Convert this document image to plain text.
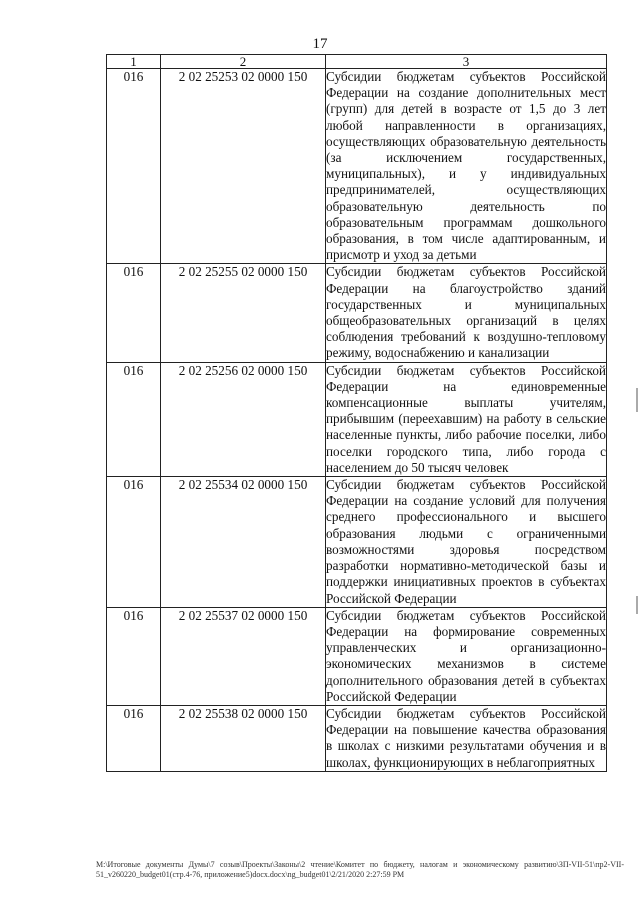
17
1	2	3
016	2 02 25253 02 0000 150	Субсидии бюджетам субъектов Российской Федерации на создание дополнительных мест (групп) для детей в возрасте от 1,5 до 3 лет любой направленности в организациях, осуществляющих образовательную деятельность (за исключением государственных, муниципальных), и у индивидуальных предпринимателей, осуществляющих образовательную деятельность по образовательным программам дошкольного образования, в том числе адаптированным, и присмотр и уход за детьми
016	2 02 25255 02 0000 150	Субсидии бюджетам субъектов Российской Федерации на благоустройство зданий государственных и муниципальных общеобразовательных организаций в целях соблюдения требований к воздушно-тепловому режиму, водоснабжению и канализации
016	2 02 25256 02 0000 150	Субсидии бюджетам субъектов Российской Федерации на единовременные компенсационные выплаты учителям, прибывшим (переехавшим) на работу в сельские населенные пункты, либо рабочие поселки, либо поселки городского типа, либо города с населением до 50 тысяч человек
016	2 02 25534 02 0000 150	Субсидии бюджетам субъектов Российской Федерации на создание условий для получения среднего профессионального и высшего образования людьми с ограниченными возможностями здоровья посредством разработки нормативно-методической базы и поддержки инициативных проектов в субъектах Российской Федерации
016	2 02 25537 02 0000 150	Субсидии бюджетам субъектов Российской Федерации на формирование современных управленческих и организационно-экономических механизмов в системе дополнительного образования детей в субъектах Российской Федерации
016	2 02 25538 02 0000 150	Субсидии бюджетам субъектов Российской Федерации на повышение качества образования в школах с низкими результатами обучения и в школах, функционирующих в неблагоприятных
M:\Итоговые документы Думы\7 созыв\Проекты\Законы\2 чтение\Комитет по бюджету, налогам и экономическому развитию\ЗП-VII-51\пр2-VII-51_v260220_budget01(стр.4-76, приложение5)docx.docx\ng_budget01\2/21/2020 2:27:59 PM
